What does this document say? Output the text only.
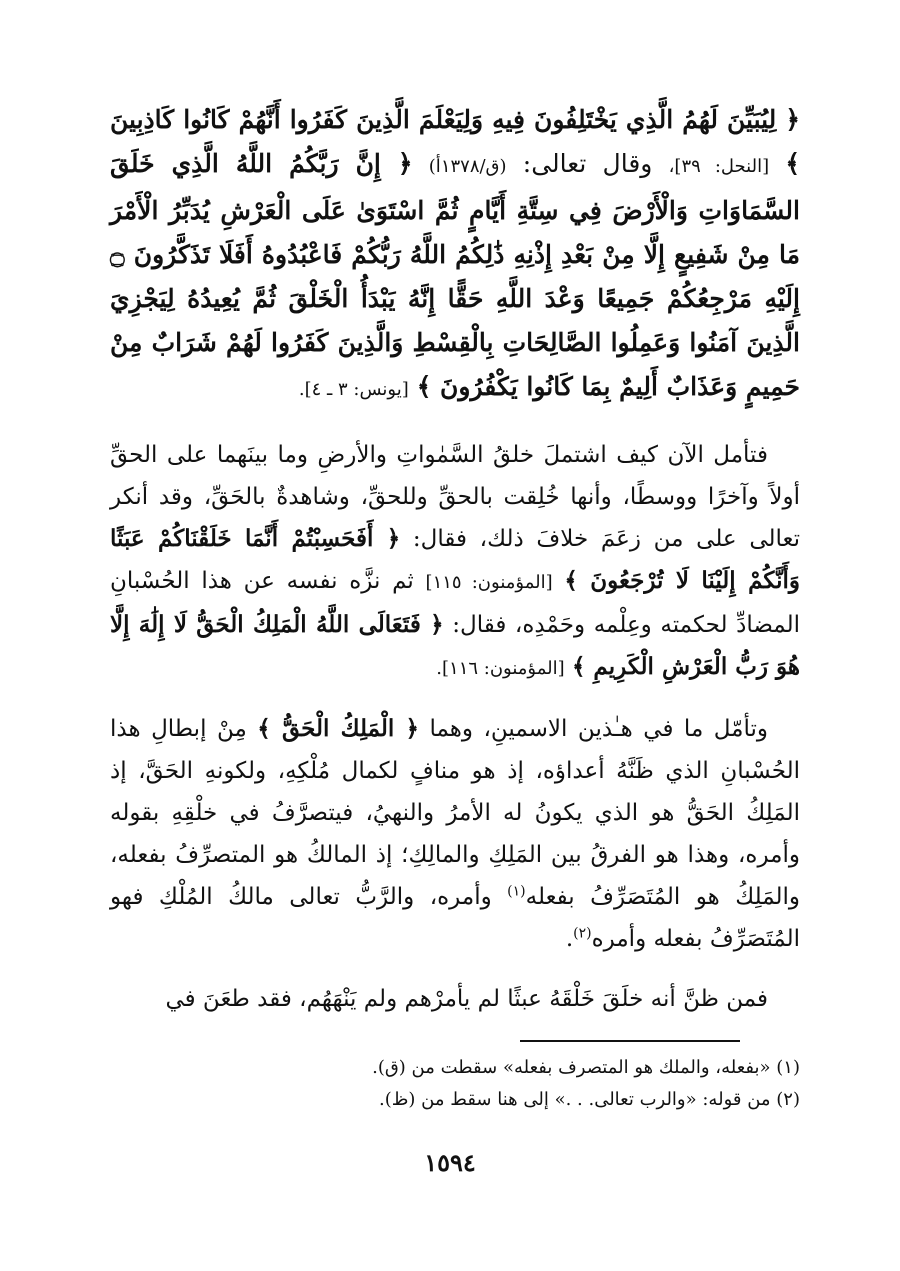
﴿ لِيُبَيِّنَ لَهُمُ الَّذِي يَخْتَلِفُونَ فِيهِ وَلِيَعْلَمَ الَّذِينَ كَفَرُوا أَنَّهُمْ كَانُوا كَاذِبِينَ ﴾ [النحل: ٣٩]، وقال تعالى: (ق/١٣٧٨أ) ﴿ إِنَّ رَبَّكُمُ اللَّهُ الَّذِي خَلَقَ السَّمَاوَاتِ وَالْأَرْضَ فِي سِتَّةِ أَيَّامٍ ثُمَّ اسْتَوَىٰ عَلَى الْعَرْشِ يُدَبِّرُ الْأَمْرَ مَا مِنْ شَفِيعٍ إِلَّا مِنْ بَعْدِ إِذْنِهِ ذَٰلِكُمُ اللَّهُ رَبُّكُمْ فَاعْبُدُوهُ أَفَلَا تَذَكَّرُونَ ۝ إِلَيْهِ مَرْجِعُكُمْ جَمِيعًا وَعْدَ اللَّهِ حَقًّا إِنَّهُ يَبْدَأُ الْخَلْقَ ثُمَّ يُعِيدُهُ لِيَجْزِيَ الَّذِينَ آمَنُوا وَعَمِلُوا الصَّالِحَاتِ بِالْقِسْطِ وَالَّذِينَ كَفَرُوا لَهُمْ شَرَابٌ مِنْ حَمِيمٍ وَعَذَابٌ أَلِيمٌ بِمَا كَانُوا يَكْفُرُونَ ﴾ [يونس: ٣ ـ ٤].

فتأمل الآن كيف اشتملَ خلقُ السَّمٰواتِ والأرضِ وما بينَهما على الحقِّ أولاً وآخرًا ووسطًا، وأنها خُلِقت بالحقِّ وللحقِّ، وشاهدةٌ بالحَقِّ، وقد أنكر تعالى على من زعَمَ خلافَ ذلك، فقال: ﴿ أَفَحَسِبْتُمْ أَنَّمَا خَلَقْنَاكُمْ عَبَثًا وَأَنَّكُمْ إِلَيْنَا لَا تُرْجَعُونَ ﴾ [المؤمنون: ١١٥] ثم نزَّه نفسه عن هذا الحُسْبانِ المضادِّ لحكمته وعِلْمه وحَمْدِه، فقال: ﴿ فَتَعَالَى اللَّهُ الْمَلِكُ الْحَقُّ لَا إِلَٰهَ إِلَّا هُوَ رَبُّ الْعَرْشِ الْكَرِيمِ ﴾ [المؤمنون: ١١٦].

وتأمّل ما في هـٰذين الاسمينِ، وهما ﴿ الْمَلِكُ الْحَقُّ ﴾ مِنْ إبطالِ هذا الحُسْبانِ الذي ظَنَّهُ أعداؤه، إذ هو منافٍ لكمال مُلْكِهِ، ولكونهِ الحَقَّ، إذ المَلِكُ الحَقُّ هو الذي يكونُ له الأمرُ والنهيُ، فيتصرَّفُ في خلْقِهِ بقوله وأمره، وهذا هو الفرقُ بين المَلِكِ والمالِكِ؛ إذ المالكُ هو المتصرِّفُ بفعله، والمَلِكُ هو المُتَصَرِّفُ بفعله$^{(١)}$ وأمره، والرَّبُّ تعالى مالكُ المُلْكِ فهو المُتَصَرِّفُ بفعله وأمره$^{(٢)}$.

فمن ظنَّ أنه خلَقَ خَلْقَهُ عبثًا لم يأمرْهم ولم يَنْهَهُم، فقد طعَنَ في

(١) «بفعله، والملك هو المتصرف بفعله» سقطت من (ق).

(٢) من قوله: «والرب تعالى. . .» إلى هنا سقط من (ظ).

١٥٩٤
